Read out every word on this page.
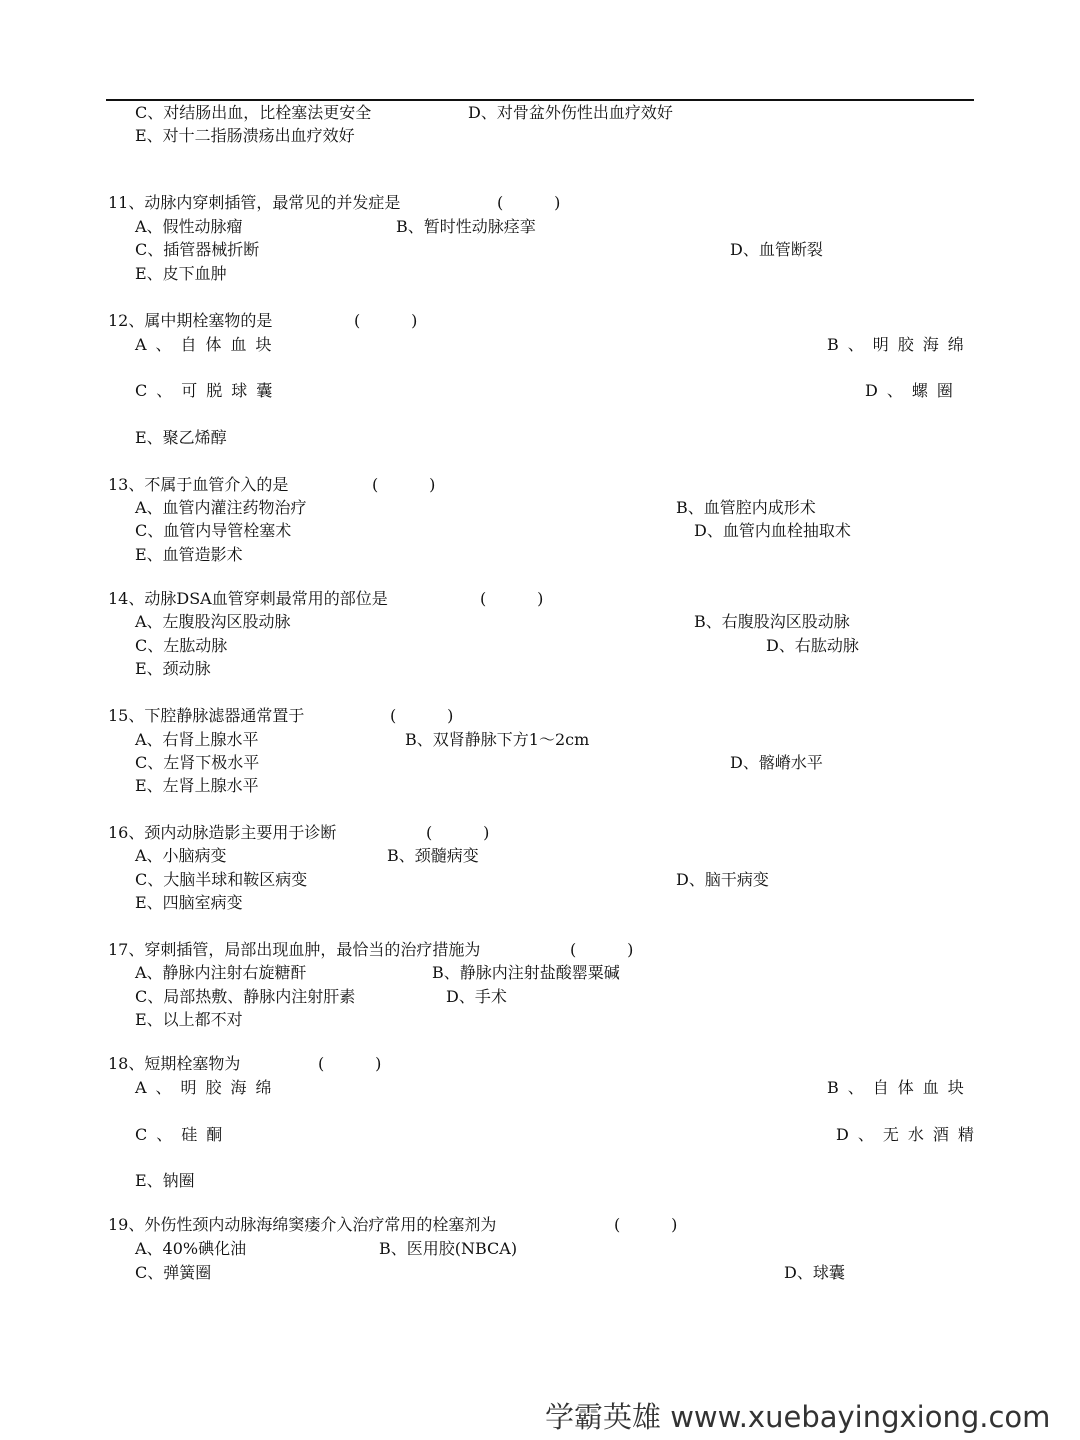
C、对结肠出血，比栓塞法更安全	D、对骨盆外伤性出血疗效好
E、对十二指肠溃疡出血疗效好
11、动脉内穿刺插管，最常见的并发症是	(          )
A、假性动脉瘤	B、暂时性动脉痉挛
C、插管器械折断	D、血管断裂
E、皮下血肿
12、属中期栓塞物的是	(          )
A、自体血块	B、明胶海绵
C、可脱球囊	D、螺圈
E、聚乙烯醇
13、不属于血管介入的是	(          )
A、血管内灌注药物治疗	B、血管腔内成形术
C、血管内导管栓塞术	D、血管内血栓抽取术
E、血管造影术
14、动脉DSA血管穿刺最常用的部位是	(          )
A、左腹股沟区股动脉	B、右腹股沟区股动脉
C、左肱动脉	D、右肱动脉
E、颈动脉
15、下腔静脉滤器通常置于	(          )
A、右肾上腺水平	B、双肾静脉下方1～2cm
C、左肾下极水平	D、髂嵴水平
E、左肾上腺水平
16、颈内动脉造影主要用于诊断	(          )
A、小脑病变	B、颈髓病变
C、大脑半球和鞍区病变	D、脑干病变
E、四脑室病变
17、穿刺插管，局部出现血肿，最恰当的治疗措施为	(          )
A、静脉内注射右旋糖酐	B、静脉内注射盐酸罂粟碱
C、局部热敷、静脉内注射肝素	D、手术
E、以上都不对
18、短期栓塞物为	(          )
A、明胶海绵	B、自体血块
C、硅酮	D、无水酒精
E、钠圈
19、外伤性颈内动脉海绵窦瘘介入治疗常用的栓塞剂为	(          )
A、40%碘化油	B、医用胶(NBCA)
C、弹簧圈	D、球囊
学霸英雄 www.xuebayingxiong.com
